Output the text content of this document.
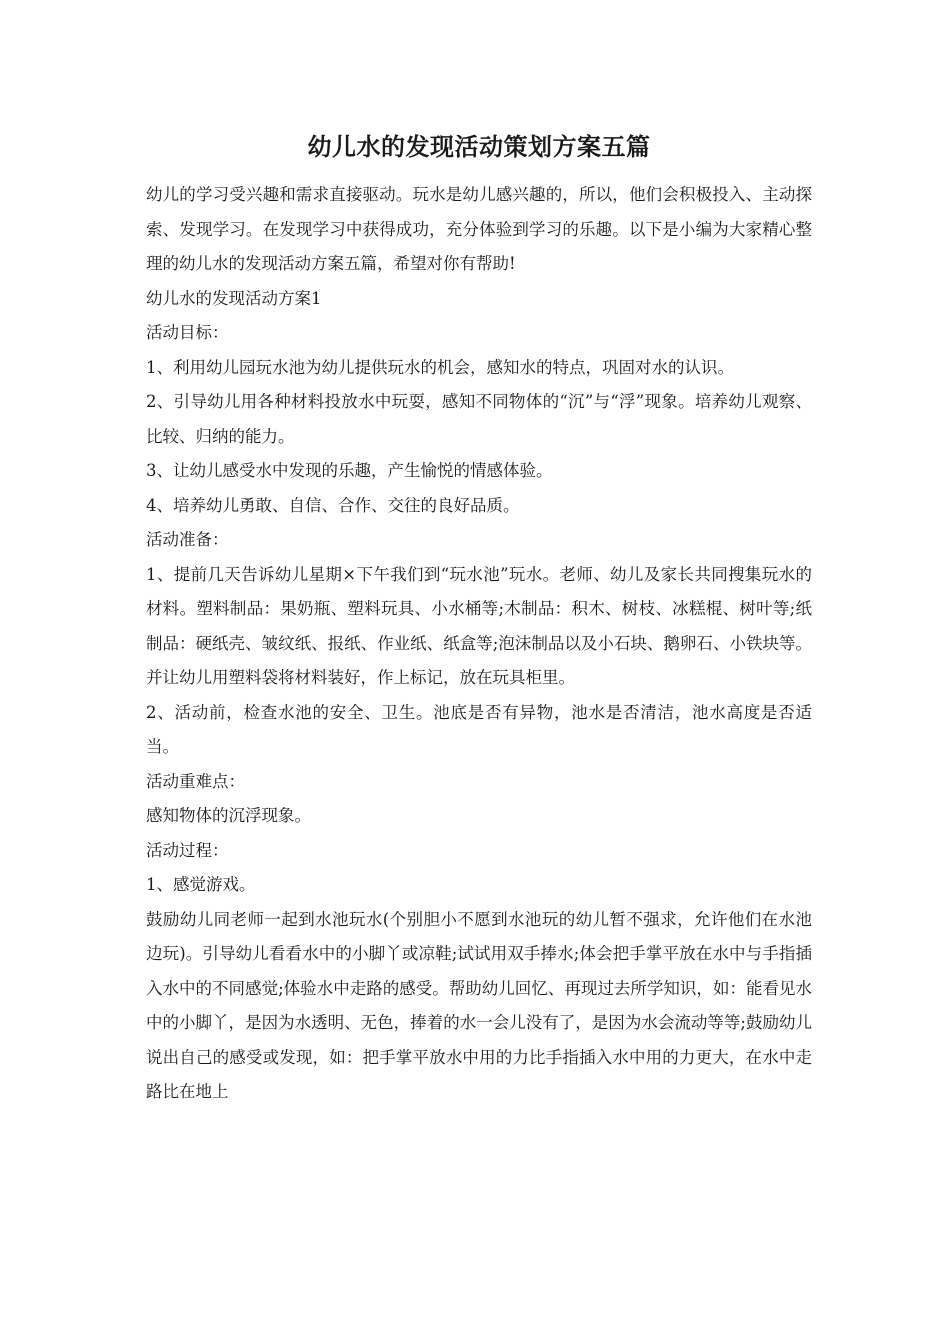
幼儿水的发现活动策划方案五篇

幼儿的学习受兴趣和需求直接驱动。玩水是幼儿感兴趣的，所以，他们会积极投入、主动探索、发现学习。在发现学习中获得成功，充分体验到学习的乐趣。以下是小编为大家精心整理的幼儿水的发现活动方案五篇，希望对你有帮助!

幼儿水的发现活动方案1

活动目标：

1、利用幼儿园玩水池为幼儿提供玩水的机会，感知水的特点，巩固对水的认识。

2、引导幼儿用各种材料投放水中玩耍，感知不同物体的“沉”与“浮”现象。培养幼儿观察、比较、归纳的能力。

3、让幼儿感受水中发现的乐趣，产生愉悦的情感体验。

4、培养幼儿勇敢、自信、合作、交往的良好品质。

活动准备：

1、提前几天告诉幼儿星期×下午我们到“玩水池”玩水。老师、幼儿及家长共同搜集玩水的材料。塑料制品：果奶瓶、塑料玩具、小水桶等;木制品：积木、树枝、冰糕棍、树叶等;纸制品：硬纸壳、皱纹纸、报纸、作业纸、纸盒等;泡沫制品以及小石块、鹅卵石、小铁块等。并让幼儿用塑料袋将材料装好，作上标记，放在玩具柜里。

2、活动前，检查水池的安全、卫生。池底是否有异物，池水是否清洁，池水高度是否适当。

活动重难点：

感知物体的沉浮现象。

活动过程：

1、感觉游戏。

鼓励幼儿同老师一起到水池玩水(个别胆小不愿到水池玩的幼儿暂不强求，允许他们在水池边玩)。引导幼儿看看水中的小脚丫或凉鞋;试试用双手捧水;体会把手掌平放在水中与手指插入水中的不同感觉;体验水中走路的感受。帮助幼儿回忆、再现过去所学知识，如：能看见水中的小脚丫，是因为水透明、无色，捧着的水一会儿没有了，是因为水会流动等等;鼓励幼儿说出自己的感受或发现，如：把手掌平放水中用的力比手指插入水中用的力更大，在水中走路比在地上
